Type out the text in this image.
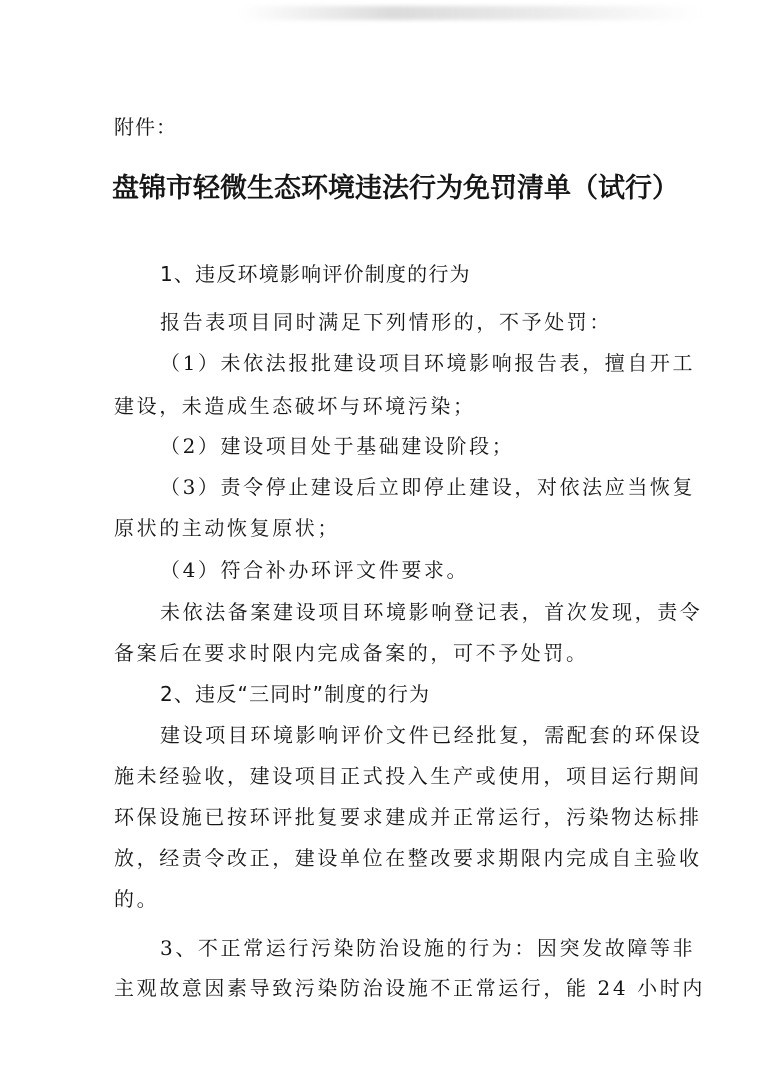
附件：
盘锦市轻微生态环境违法行为免罚清单（试行）
1、违反环境影响评价制度的行为
报告表项目同时满足下列情形的，不予处罚：
（1）未依法报批建设项目环境影响报告表，擅自开工
建设，未造成生态破坏与环境污染；
（2）建设项目处于基础建设阶段；
（3）责令停止建设后立即停止建设，对依法应当恢复
原状的主动恢复原状；
（4）符合补办环评文件要求。
未依法备案建设项目环境影响登记表，首次发现，责令
备案后在要求时限内完成备案的，可不予处罚。
2、违反“三同时”制度的行为
建设项目环境影响评价文件已经批复，需配套的环保设
施未经验收，建设项目正式投入生产或使用，项目运行期间
环保设施已按环评批复要求建成并正常运行，污染物达标排
放，经责令改正，建设单位在整改要求期限内完成自主验收
的。
3、不正常运行污染防治设施的行为：因突发故障等非
主观故意因素导致污染防治设施不正常运行，能 24 小时内
